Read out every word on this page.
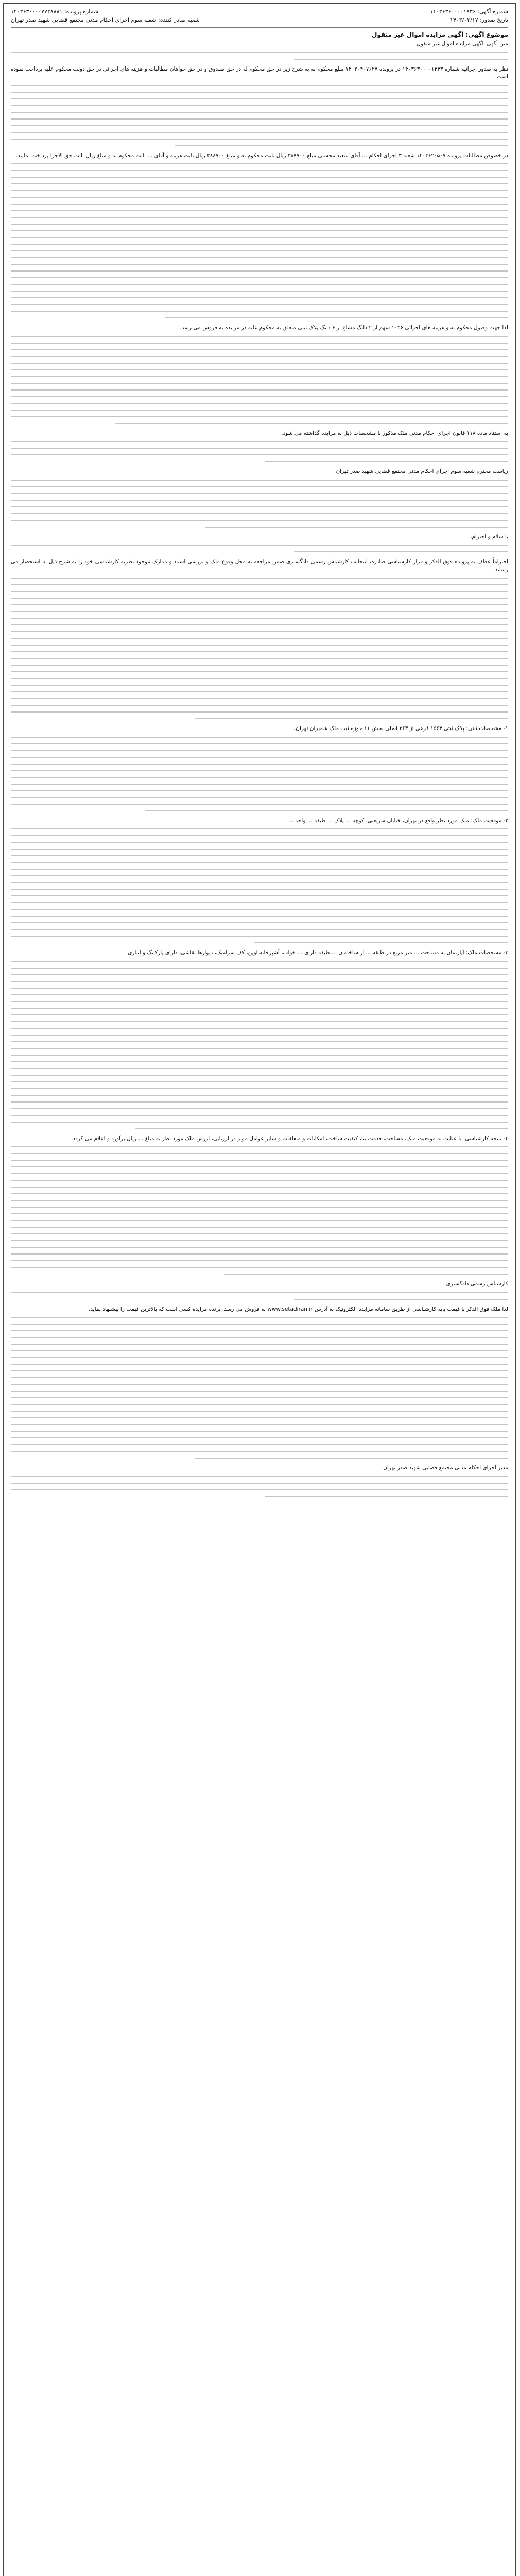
شماره آگهی: ۱۴۰۳۶۳۶۰۰۰۰۱۸۳۶
تاریخ صدور: ۱۴۰۳/۰۲/۱۷
شماره پرونده: ۱۴۰۳۶۳۰۰۰۰۷۷۲۸۸۸۱
شعبه صادر کننده: شعبه سوم اجرای احکام مدنی مجتمع قضایی شهید صدر تهران
موضوع آگهی: آگهی مزایده اموال غیر منقول

متن آگهی: آگهی مزایده اموال غیر منقول

نظر به صدور اجرائیه شماره ۱۴۰۳۶۳۰۰۰۰۱۳۳۳ در پرونده ۱۴۰۲۰۴۰۷۶۲۷ مبلغ محکوم به به شرح زیر در حق محکوم له در حق صندوق و در حق خواهان مطالبات و هزینه های اجرائی در حق دولت محکوم علیه پرداخت نموده است.

در خصوص مطالبات پرونده ۱۴۰۳۶۲۰۵۰۷ شعبه ۳ اجرای احکام ... آقای سعید محسنی مبلغ ۳۸۸۷۰۰ ریال بابت محکوم به و مبلغ ۳۸۸۷۰۰ ریال بابت هزینه و آقای ... بابت محکوم به و مبلغ ریال بابت حق الاجرا پرداخت نمایند.

لذا جهت وصول محکوم به و هزینه های اجرائی ۱۰۳۶ سهم از ۲ دانگ مشاع از ۶ دانگ پلاک ثبتی متعلق به محکوم علیه در مزایده به فروش می رسد.

به استناد ماده ۱۱۸ قانون اجرای احکام مدنی ملک مذکور با مشخصات ذیل به مزایده گذاشته می شود.

ریاست محترم شعبه سوم اجرای احکام مدنی مجتمع قضایی شهید صدر تهران

با سلام و احترام،

احتراماً عطف به پرونده فوق الذکر و قرار کارشناسی صادره، اینجانب کارشناس رسمی دادگستری ضمن مراجعه به محل وقوع ملک و بررسی اسناد و مدارک موجود نظریه کارشناسی خود را به شرح ذیل به استحضار می رساند.

۱- مشخصات ثبتی: پلاک ثبتی ۱۵۶۳ فرعی از ۲۶۳ اصلی بخش ۱۱ حوزه ثبت ملک شمیران تهران.

۲- موقعیت ملک: ملک مورد نظر واقع در تهران، خیابان شریعتی، کوچه ... پلاک ... طبقه ... واحد ...

۳- مشخصات ملک: آپارتمان به مساحت ... متر مربع در طبقه ... از ساختمان ... طبقه دارای ... خواب، آشپزخانه اوپن، کف سرامیک، دیوارها نقاشی، دارای پارکینگ و انباری.

۴- نتیجه کارشناسی: با عنایت به موقعیت ملک، مساحت، قدمت بنا، کیفیت ساخت، امکانات و متعلقات و سایر عوامل موثر در ارزیابی، ارزش ملک مورد نظر به مبلغ ... ریال برآورد و اعلام می گردد.

کارشناس رسمی دادگستری

لذا ملک فوق الذکر با قیمت پایه کارشناسی از طریق سامانه مزایده الکترونیک به آدرس www.setadiran.ir به فروش می رسد. برنده مزایده کسی است که بالاترین قیمت را پیشنهاد نماید.

مدیر اجرای احکام مدنی مجتمع قضایی شهید صدر تهران
